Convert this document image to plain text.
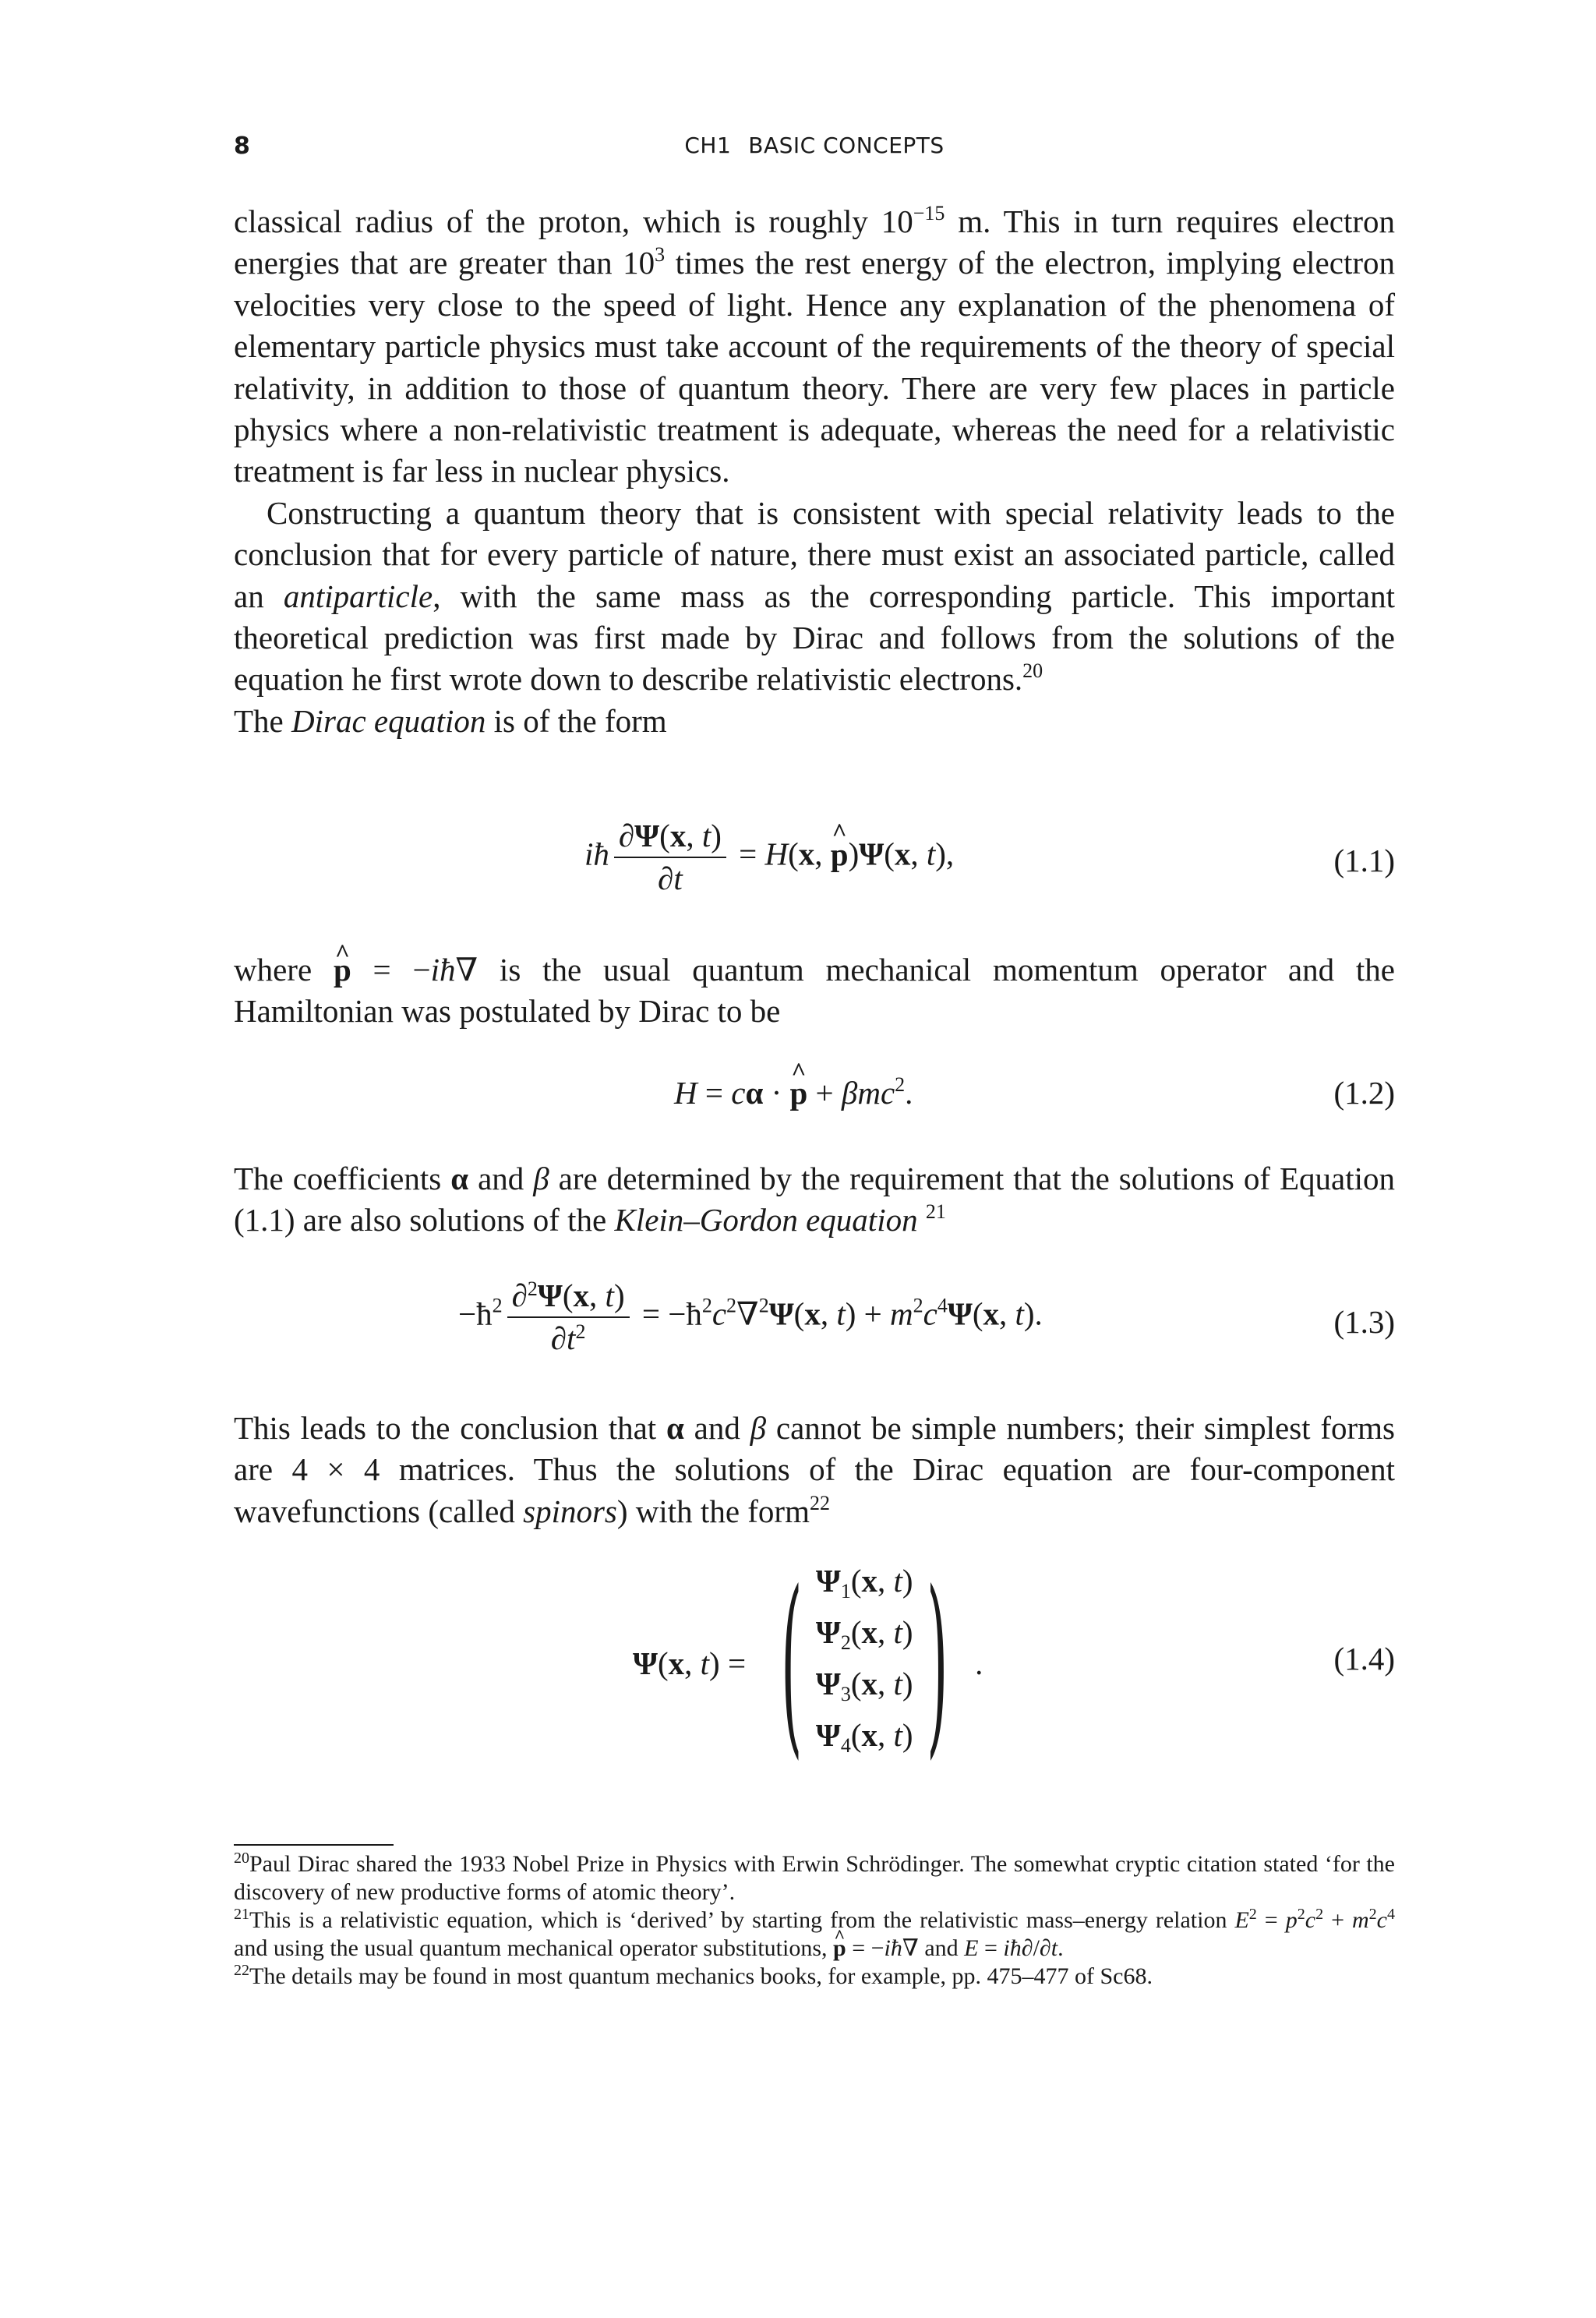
8	CH1 BASIC CONCEPTS

classical radius of the proton, which is roughly $10^{-15}$ m. This in turn requires electron energies that are greater than $10^3$ times the rest energy of the electron, implying electron velocities very close to the speed of light. Hence any explanation of the phenomena of elementary particle physics must take account of the requirements of the theory of special relativity, in addition to those of quantum theory. There are very few places in particle physics where a non-relativistic treatment is adequate, whereas the need for a relativistic treatment is far less in nuclear physics.

Constructing a quantum theory that is consistent with special relativity leads to the conclusion that for every particle of nature, there must exist an associated particle, called an antiparticle, with the same mass as the corresponding particle. This important theoretical prediction was first made by Dirac and follows from the solutions of the equation he first wrote down to describe relativistic electrons.$^{20}$
The Dirac equation is of the form

iħ $\frac{\partial\Psi(x, t)}{\partial t} = H(x$, ^ p)Ψ(x, t),	(1.1)

where ^ p = −iħ∇ is the usual quantum mechanical momentum operator and the Hamiltonian was postulated by Dirac to be

H = cα · ^ p + βmc$^2$.	(1.2)

The coefficients α and β are determined by the requirement that the solutions of Equation (1.1) are also solutions of the Klein–Gordon equation $^{21}$

$-ħ^2 \frac{\partial^2\Psi(x, t)}{\partial t^2}$ = $-ħ^2c^2\nabla^2\Psi(x$, $t) + m^2c^4\Psi(x$, t).	(1.3)

This leads to the conclusion that α and β cannot be simple numbers; their simplest forms are 4 × 4 matrices. Thus the solutions of the Dirac equation are four-component wavefunctions (called spinors) with the form$^{22}$

Ψ(x, t) = ( Ψ1(x, t)
Ψ2(x, t)
Ψ3(x, t)
Ψ4(x, t) ) .	(1.4)

$^{20}$Paul Dirac shared the 1933 Nobel Prize in Physics with Erwin Schrödinger. The somewhat cryptic citation stated ‘for the discovery of new productive forms of atomic theory’.

$^{21}$This is a relativistic equation, which is ‘derived’ by starting from the relativistic mass–energy relation $E^2 = p^2c^2 + m^2c^4$ and using the usual quantum mechanical operator substitutions, ^ p = −iħ∇ and E = iħ∂/∂t.

$^{22}$The details may be found in most quantum mechanics books, for example, pp. 475–477 of Sc68.
